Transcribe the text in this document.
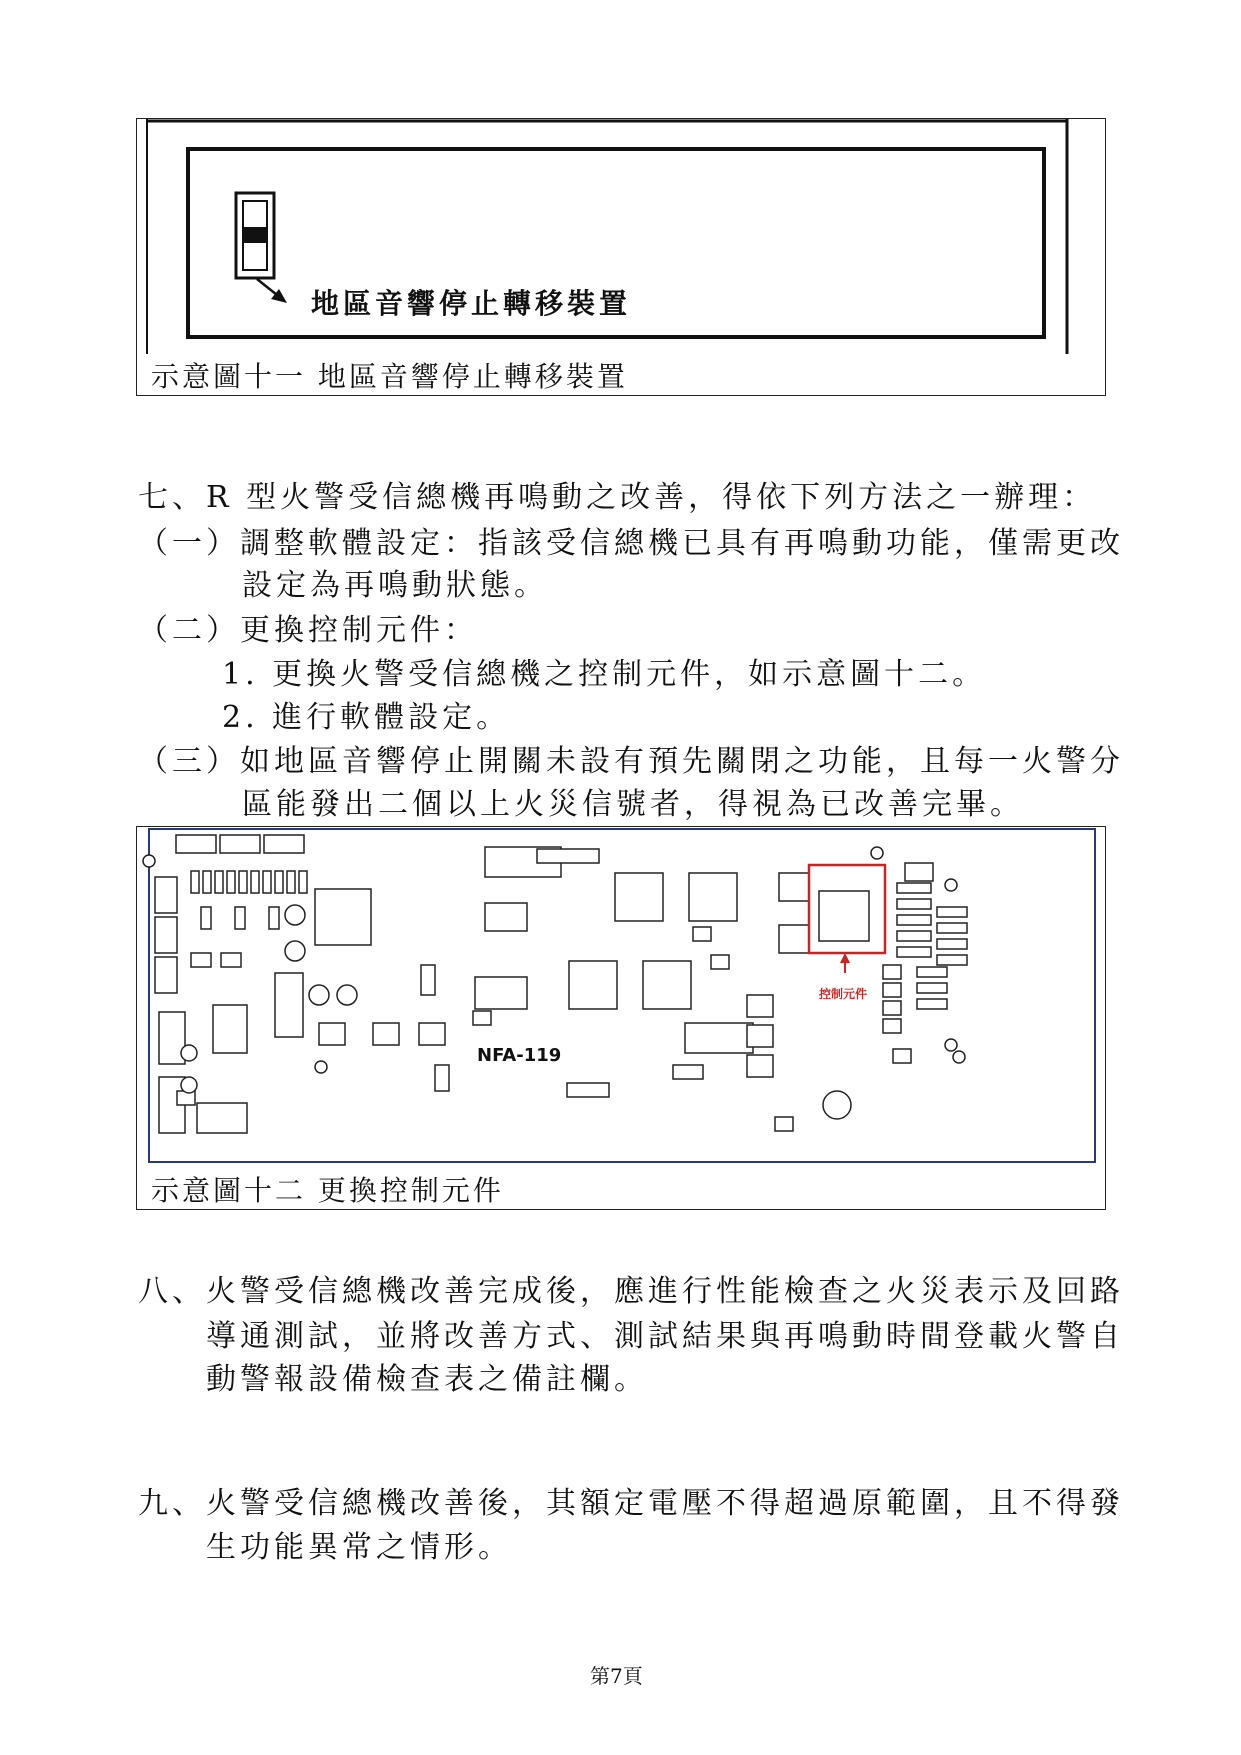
地區音響停止轉移裝置
示意圖十一 地區音響停止轉移裝置
七、R 型火警受信總機再鳴動之改善，得依下列方法之一辦理：
（一）調整軟體設定：指該受信總機已具有再鳴動功能，僅需更改
設定為再鳴動狀態。
（二）更換控制元件：
1. 更換火警受信總機之控制元件，如示意圖十二。
2. 進行軟體設定。
（三）如地區音響停止開關未設有預先關閉之功能，且每一火警分
區能發出二個以上火災信號者，得視為已改善完畢。
NFA-119
控制元件
示意圖十二 更換控制元件
八、火警受信總機改善完成後，應進行性能檢查之火災表示及回路
導通測試，並將改善方式、測試結果與再鳴動時間登載火警自
動警報設備檢查表之備註欄。
九、火警受信總機改善後，其額定電壓不得超過原範圍，且不得發
生功能異常之情形。
第7頁
